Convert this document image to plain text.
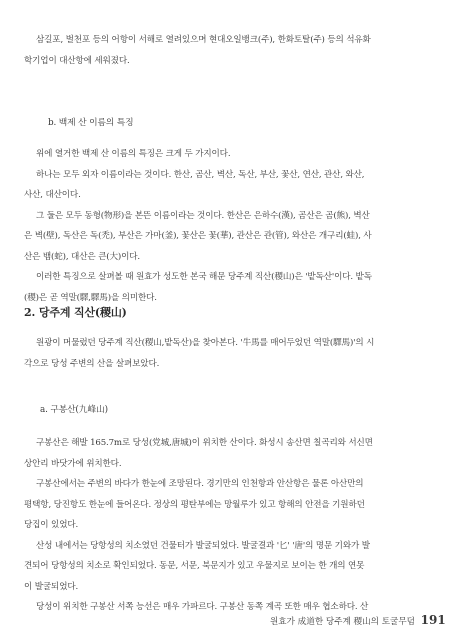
삼길포, 벌천포 등의 어항이 서해로 열려있으며 현대오일뱅크(주), 한화토탈(주) 등의 석유화
학기업이 대산항에 세워졌다.
b. 백제 산 이름의 특징
위에 열거한 백제 산 이름의 특징은 크게 두 가지이다.
하나는 모두 외자 이름이라는 것이다. 한산, 곰산, 벽산, 독산, 부산, 꽃산, 연산, 관산, 와산,
사산, 대산이다.
그 둘은 모두 동형(物形)을 본뜬 이름이라는 것이다. 한산은 은하수(漢), 곰산은 곰(熊), 벽산
은 벽(壁), 독산은 독(禿), 부산은 가마(釜), 꽃산은 꽃(華), 관산은 관(管), 와산은 개구리(蛙), 사
산은 뱀(蛇), 대산은 큰(大)이다.
이러한 특징으로 살펴볼 때 원효가 성도한 본국 해문 당주계 직산(稷山)은 '밭독산'이다. 밭독
(稷)은 곧 역말(驛,驛馬)을 의미한다.
2. 당주계 직산(稷山)
원광이 머물렀던 당주계 직산(稷山,밭독산)을 찾아본다. '牛馬를 매어두었던 역말(驛馬)'의 시
각으로 당성 주변의 산을 살펴보았다.
a. 구봉산(九峰山)
구봉산은 해발 165.7m로 당성(党城,唐城)이 위치한 산이다. 화성시 송산면 칠곡리와 서신면
상안리 바닷가에 위치한다.
구봉산에서는 주변의 바다가 한눈에 조망된다. 경기만의 인천항과 안산항은 물론 아산만의
평택항, 당진항도 한눈에 들어온다. 정상의 평탄부에는 망월루가 있고 항해의 안전을 기원하던
당집이 있었다.
산성 내에서는 당항성의 치소였던 건물터가 발굴되었다. 발굴결과 '匕' '唐'의 명문 기와가 발
견되어 당항성의 치소로 확인되었다. 동문, 서문, 북문지가 있고 우물지로 보이는 한 개의 연못
이 발굴되었다.
당성이 위치한 구봉산 서쪽 능선은 매우 가파르다. 구봉산 동쪽 계곡 또한 매우 협소하다. 산
원효가 成道한 당주계 稷山의 토굴무덤 191
